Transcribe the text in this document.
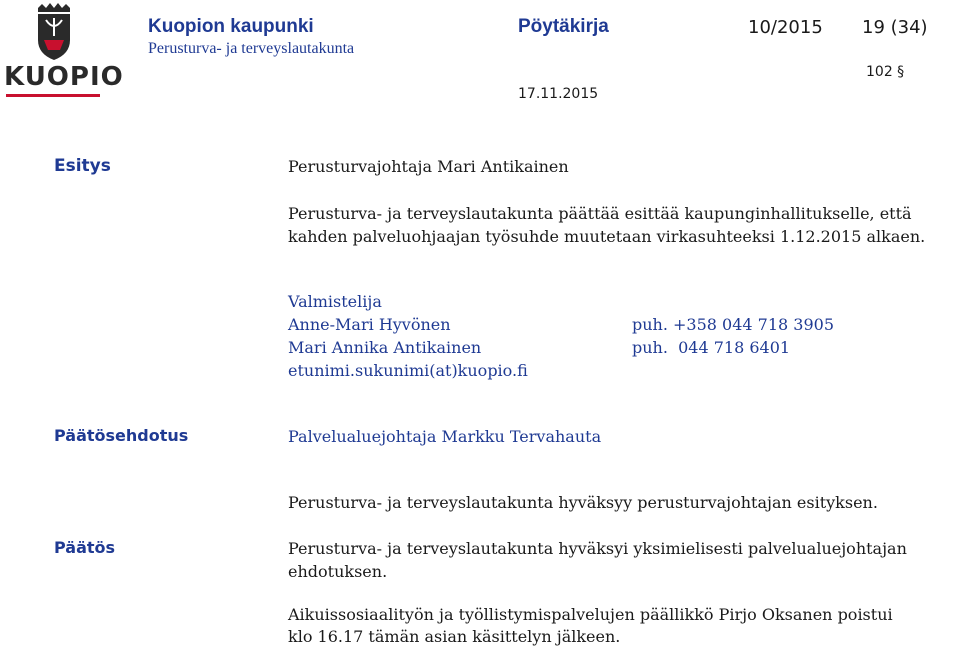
KUOPIO
Kuopion kaupunki
Perusturva- ja terveyslautakunta
Pöytäkirja	10/2015 19 (34)
102 §
17.11.2015
Esitys	Perusturvajohtaja Mari Antikainen
Perusturva- ja terveyslautakunta päättää esittää kaupunginhallitukselle, että
kahden palveluohjaajan työsuhde muutetaan virkasuhteeksi 1.12.2015 alkaen.
Valmistelija
Anne-Mari Hyvönen	puh. +358 044 718 3905
Mari Annika Antikainen	puh.  044 718 6401
etunimi.sukunimi(at)kuopio.fi
Päätösehdotus	Palvelualuejohtaja Markku Tervahauta
Perusturva- ja terveyslautakunta hyväksyy perusturvajohtajan esityksen.
Päätös	Perusturva- ja terveyslautakunta hyväksyi yksimielisesti palvelualuejohtajan
ehdotuksen.
Aikuissosiaalityön ja työllistymispalvelujen päällikkö Pirjo Oksanen poistui
klo 16.17 tämän asian käsittelyn jälkeen.
